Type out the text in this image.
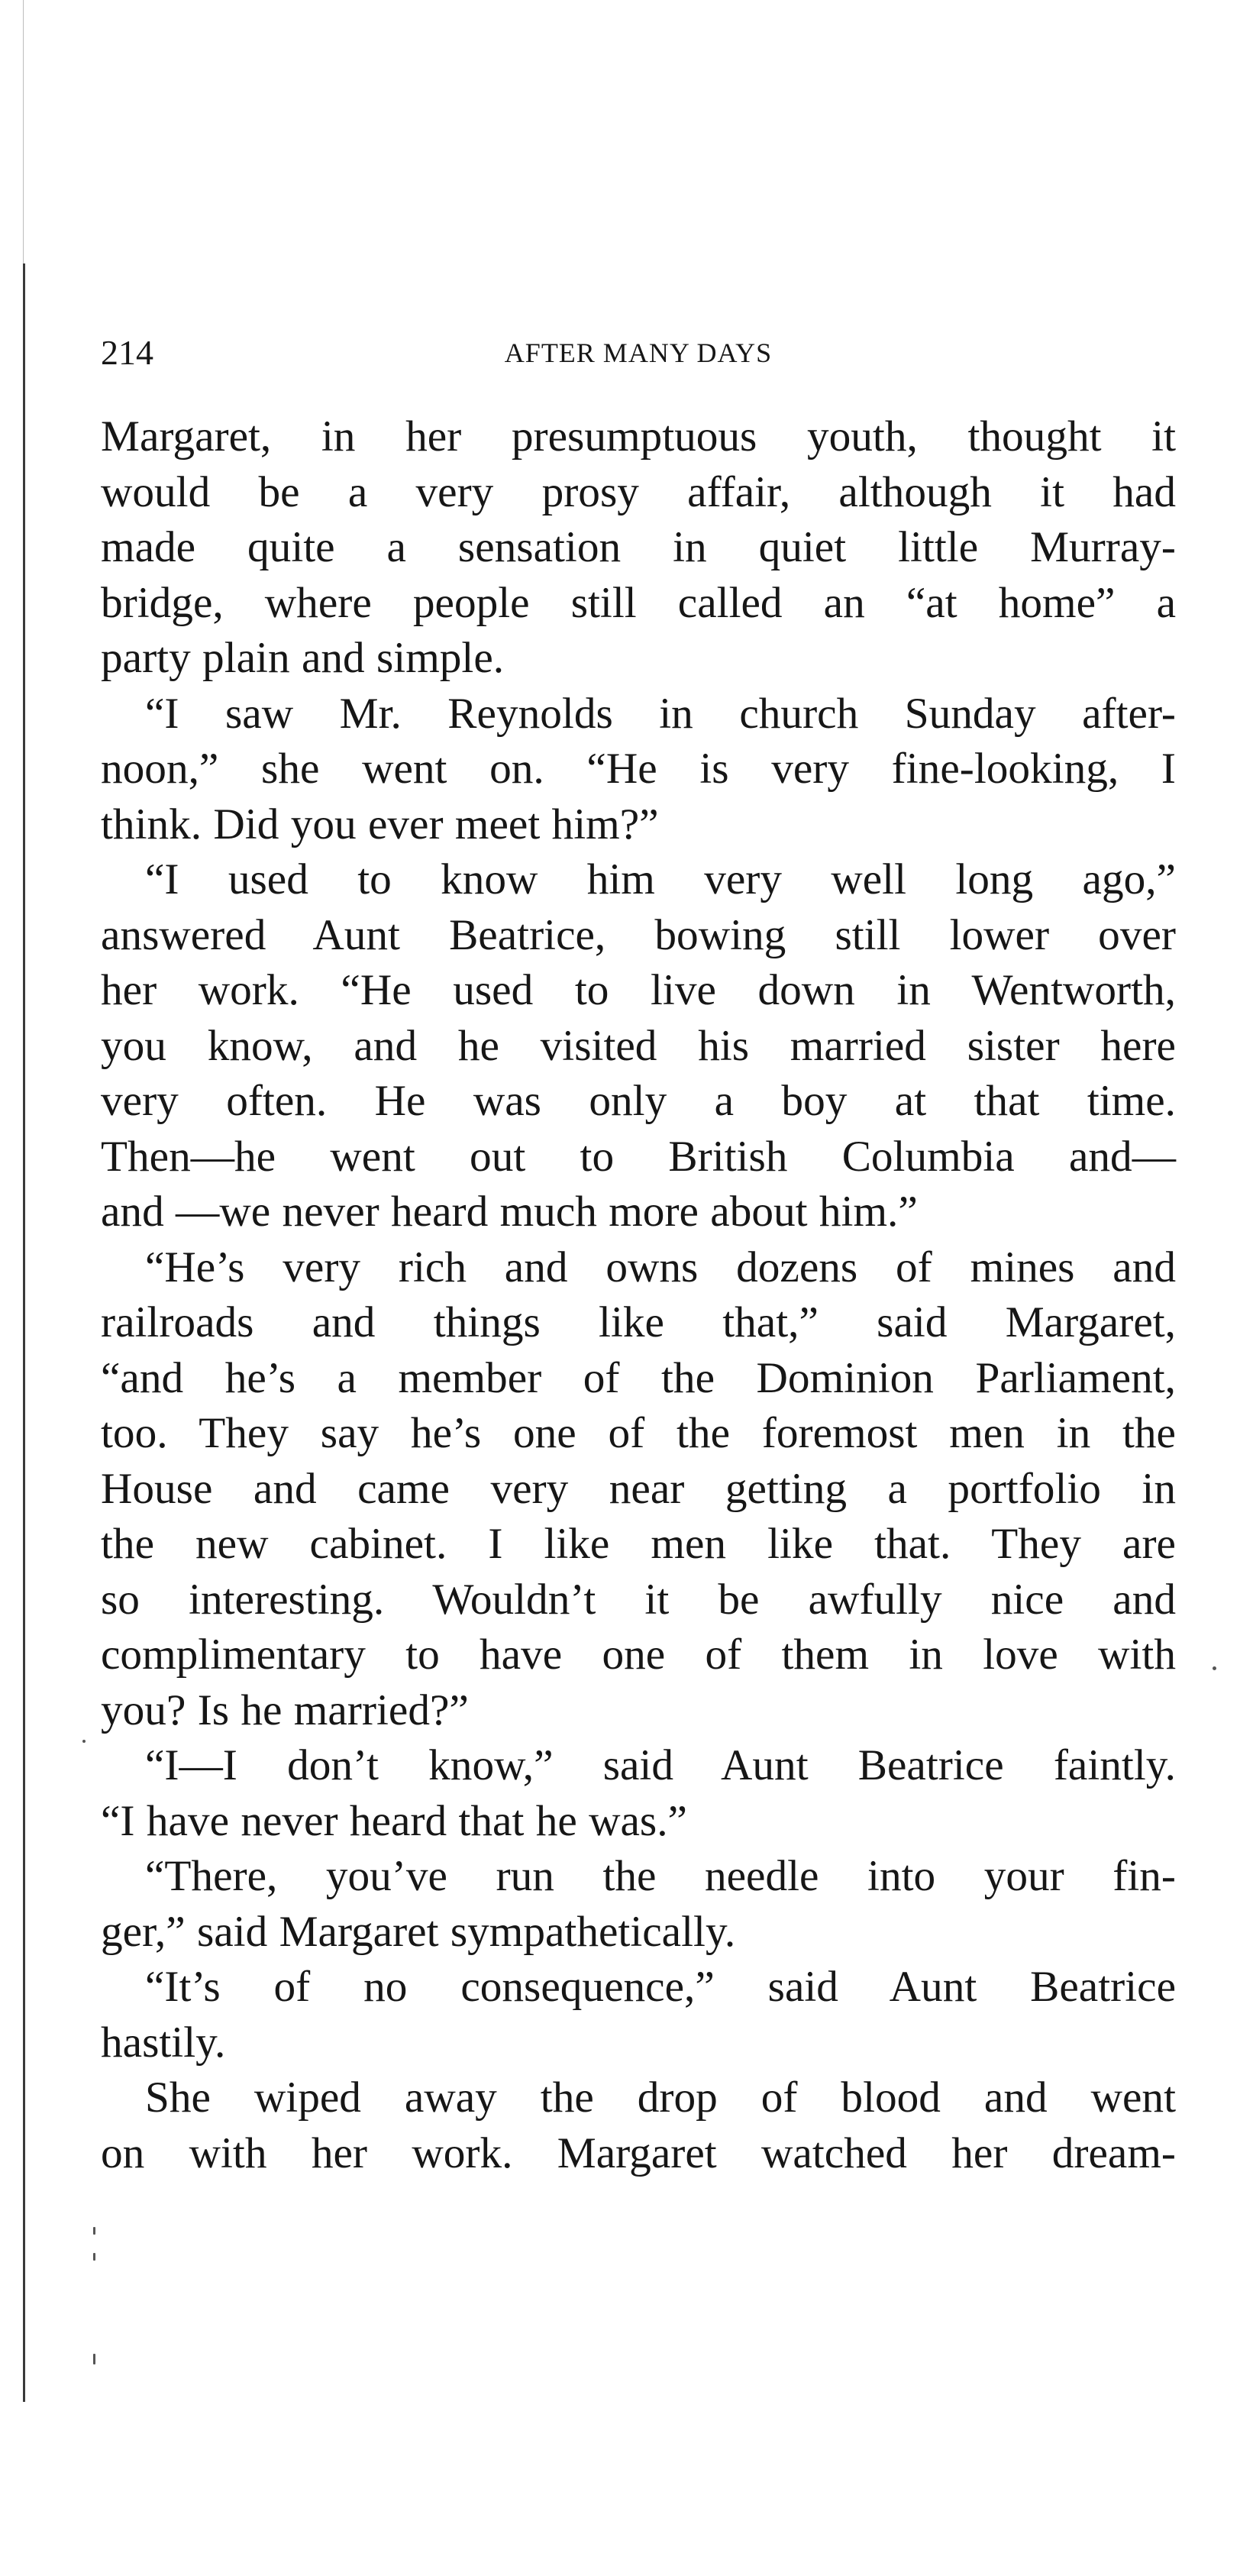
214	AFTER MANY DAYS
Margaret, in her presumptuous youth, thought it
would be a very prosy affair, although it had
made quite a sensation in quiet little Murray-
bridge, where people still called an “at home” a
party plain and simple.
“I saw Mr. Reynolds in church Sunday after-
noon,” she went on. “He is very fine-looking, I
think. Did you ever meet him?”
“I used to know him very well long ago,”
answered Aunt Beatrice, bowing still lower over
her work. “He used to live down in Wentworth,
you know, and he visited his married sister here
very often. He was only a boy at that time.
Then—he went out to British Columbia and—
and —we never heard much more about him.”
“He’s very rich and owns dozens of mines and
railroads and things like that,” said Margaret,
“and he’s a member of the Dominion Parliament,
too. They say he’s one of the foremost men in the
House and came very near getting a portfolio in
the new cabinet. I like men like that. They are
so interesting. Wouldn’t it be awfully nice and
complimentary to have one of them in love with
you? Is he married?”
“I—I don’t know,” said Aunt Beatrice faintly.
“I have never heard that he was.”
“There, you’ve run the needle into your fin-
ger,” said Margaret sympathetically.
“It’s of no consequence,” said Aunt Beatrice
hastily.
She wiped away the drop of blood and went
on with her work. Margaret watched her dream-
